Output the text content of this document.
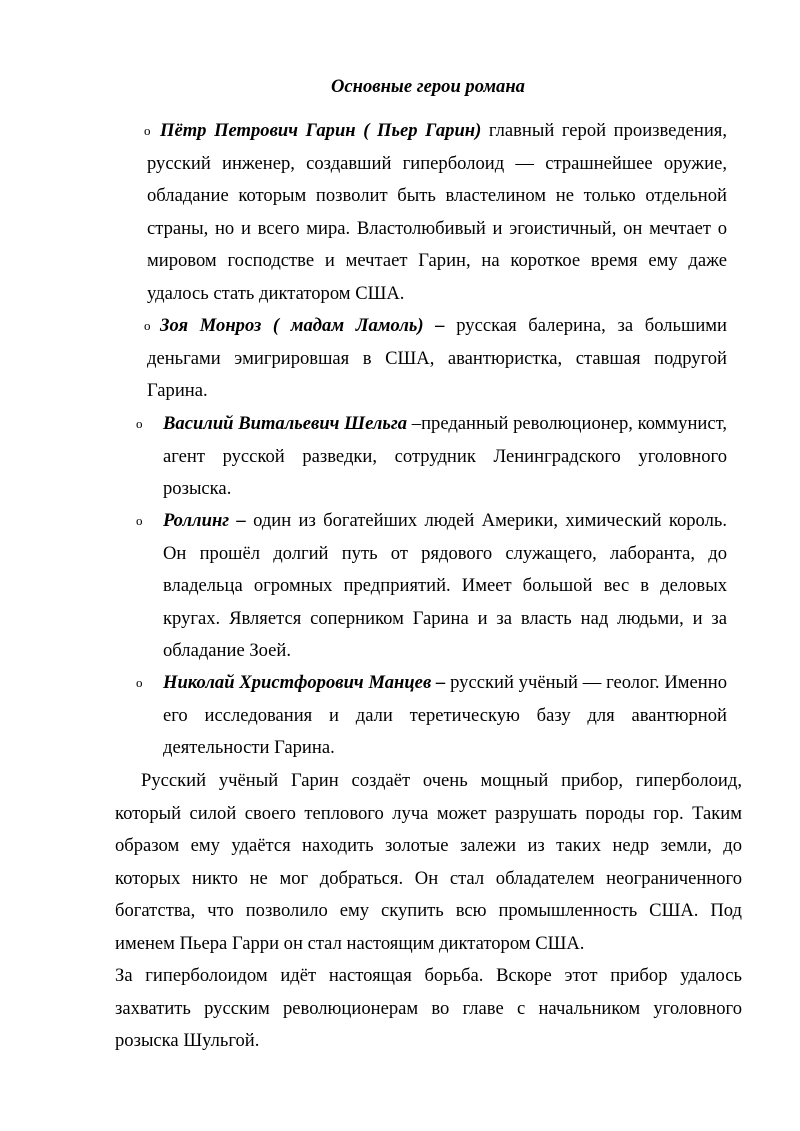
Основные герои романа
o Пётр Петрович Гарин ( Пьер Гарин) главный герой произведения, русский инженер, создавший гиперболоид — страшнейшее оружие, обладание которым позволит быть властелином не только отдельной страны, но и всего мира. Властолюбивый и эгоистичный, он мечтает о мировом господстве и мечтает Гарин, на короткое время ему даже удалось стать диктатором США.
o Зоя Монроз ( мадам Ламоль) – русская балерина, за большими деньгами эмигрировшая в США, авантюристка, ставшая подругой Гарина.
o Василий Витальевич Шельга –преданный революционер, коммунист, агент русской разведки, сотрудник Ленинградского уголовного розыска.
o Роллинг – один из богатейших людей Америки, химический король. Он прошёл долгий путь от рядового служащего, лаборанта, до владельца огромных предприятий. Имеет большой вес в деловых кругах. Является соперником Гарина и за власть над людьми, и за обладание Зоей.
o Николай Христфорович Манцев – русский учёный — геолог. Именно его исследования и дали теретическую базу для авантюрной деятельности Гарина.
Русский учёный Гарин создаёт очень мощный прибор, гиперболоид, который силой своего теплового луча может разрушать породы гор. Таким образом ему удаётся находить золотые залежи из таких недр земли, до которых никто не мог добраться. Он стал обладателем неограниченного богатства, что позволило ему скупить всю промышленность США. Под именем Пьера Гарри он стал настоящим диктатором США.
За гиперболоидом идёт настоящая борьба. Вскоре этот прибор удалось захватить русским революционерам во главе с начальником уголовного розыска Шульгой.
